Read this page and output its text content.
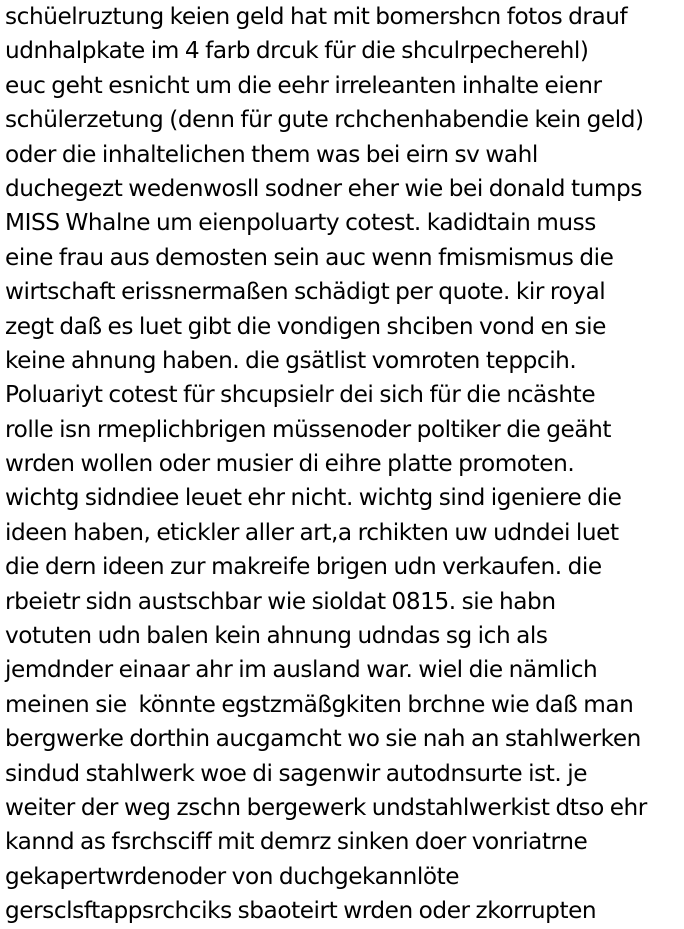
schüelruztung keien geld hat mit bomershcn fotos drauf
udnhalpkate im 4 farb drcuk für die shculrpecherehl)
euc geht esnicht um die eehr irreleanten inhalte eienr
schülerzetung (denn für gute rchchenhabendie kein geld)
oder die inhaltelichen them was bei eirn sv wahl
duchegezt wedenwosll sodner eher wie bei donald tumps
MISS Whalne um eienpoluarty cotest. kadidtain muss
eine frau aus demosten sein auc wenn fmismismus die
wirtschaft erissnermaßen schädigt per quote. kir royal
zegt daß es luet gibt die vondigen shciben vond en sie
keine ahnung haben. die gsätlist vomroten teppcih.
Poluariyt cotest für shcupsielr dei sich für die ncäshte
rolle isn rmeplichbrigen müssenoder poltiker die geäht
wrden wollen oder musier di eihre platte promoten.
wichtg sidndiee leuet ehr nicht. wichtg sind igeniere die
ideen haben, etickler aller art,a rchikten uw udndei luet
die dern ideen zur makreife brigen udn verkaufen. die
rbeietr sidn austschbar wie sioldat 0815. sie habn
votuten udn balen kein ahnung udndas sg ich als
jemdnder einaar ahr im ausland war. wiel die nämlich
meinen sie  könnte egstzmäßgkiten brchne wie daß man
bergwerke dorthin aucgamcht wo sie nah an stahlwerken
sindud stahlwerk woe di sagenwir autodnsurte ist. je
weiter der weg zschn bergewerk undstahlwerkist dtso ehr
kannd as fsrchsciff mit demrz sinken doer vonriatrne
gekapertwrdenoder von duchgekannlöte
gersclsftappsrchciks sbaoteirt wrden oder zkorrupten
